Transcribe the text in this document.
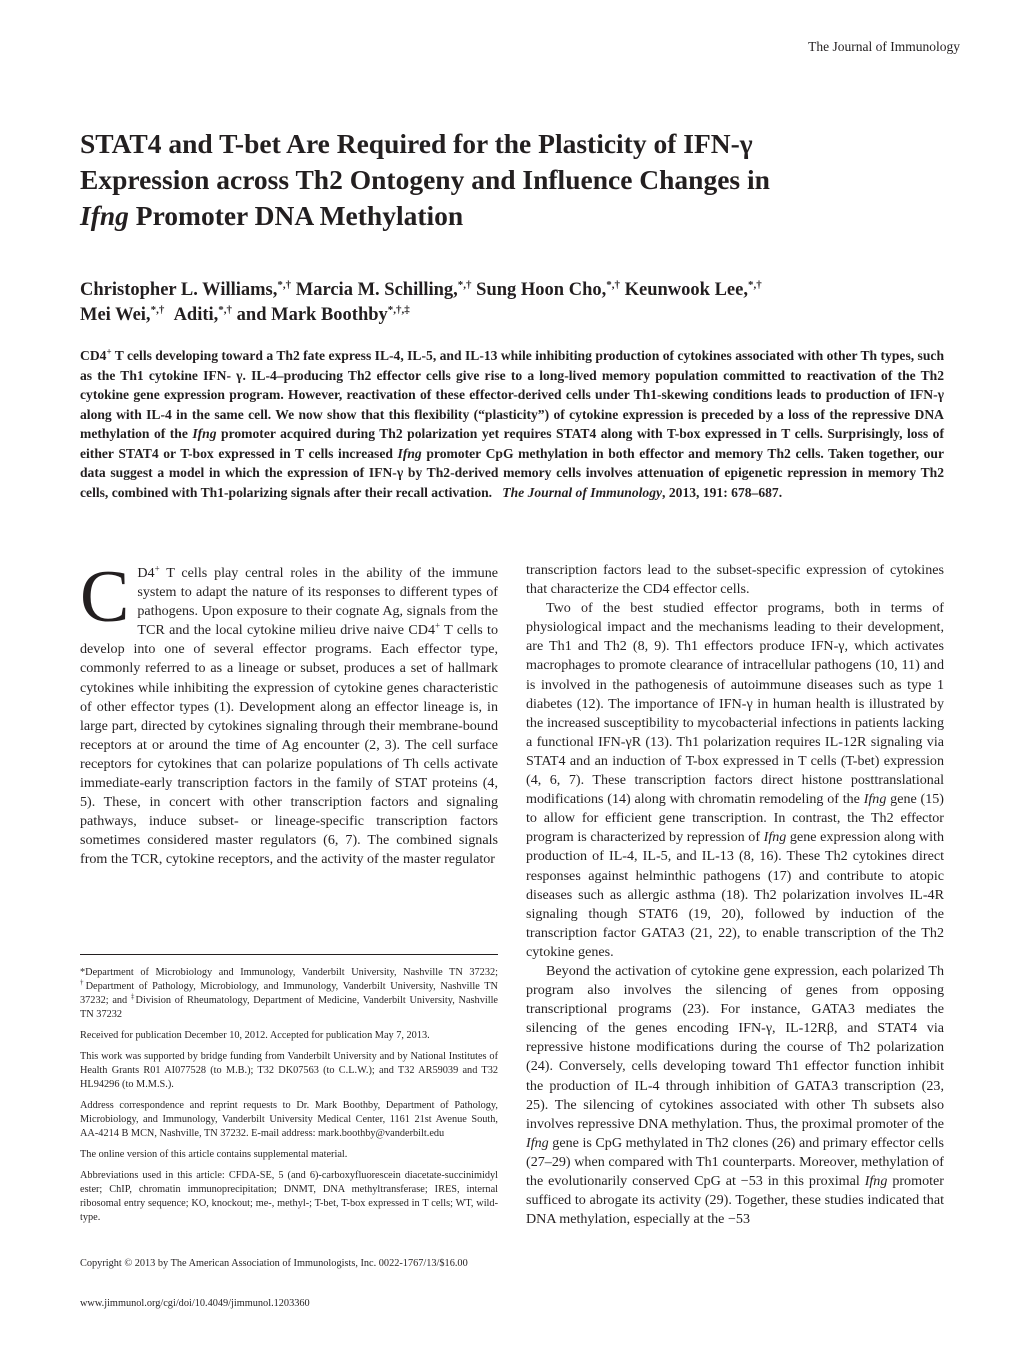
The Journal of Immunology
STAT4 and T-bet Are Required for the Plasticity of IFN-γ
Expression across Th2 Ontogeny and Influence Changes in
Ifng Promoter DNA Methylation
Christopher L. Williams,*,† Marcia M. Schilling,*,† Sung Hoon Cho,*,† Keunwook Lee,*,†
Mei Wei,*,† Aditi,*,† and Mark Boothby*,†,‡

CD4+ T cells developing toward a Th2 fate express IL-4, IL-5, and IL-13 while inhibiting production of cytokines associated with other Th types, such as the Th1 cytokine IFN- γ. IL-4–producing Th2 effector cells give rise to a long-lived memory population committed to reactivation of the Th2 cytokine gene expression program. However, reactivation of these effector-derived cells under Th1-skewing conditions leads to production of IFN-γ along with IL-4 in the same cell. We now show that this flexibility (“plasticity”) of cytokine expression is preceded by a loss of the repressive DNA methylation of the Ifng promoter acquired during Th2 polarization yet requires STAT4 along with T-box expressed in T cells. Surprisingly, loss of either STAT4 or T-box expressed in T cells increased Ifng promoter CpG methylation in both effector and memory Th2 cells. Taken together, our data suggest a model in which the expression of IFN-γ by Th2-derived memory cells involves attenuation of epigenetic repression in memory Th2 cells, combined with Th1-polarizing signals after their recall activation. The Journal of Immunology, 2013, 191: 678–687.

C D4+ T cells play central roles in the ability of the immune system to adapt the nature of its responses to different types of pathogens. Upon exposure to their cognate Ag, signals from the TCR and the local cytokine milieu drive naive CD4+ T cells to develop into one of several effector programs. Each effector type, commonly referred to as a lineage or subset, produces a set of hallmark cytokines while inhibiting the expression of cytokine genes characteristic of other effector types (1). Development along an effector lineage is, in large part, directed by cytokines signaling through their membrane-bound receptors at or around the time of Ag encounter (2, 3). The cell surface receptors for cytokines that can polarize populations of Th cells activate immediate-early transcription factors in the family of STAT proteins (4, 5). These, in concert with other transcription factors and signaling pathways, induce subset- or lineage-specific transcription factors sometimes considered master regulators (6, 7). The combined signals from the TCR, cytokine receptors, and the activity of the master regulator

transcription factors lead to the subset-specific expression of cytokines that characterize the CD4 effector cells.

Two of the best studied effector programs, both in terms of physiological impact and the mechanisms leading to their development, are Th1 and Th2 (8, 9). Th1 effectors produce IFN-γ, which activates macrophages to promote clearance of intracellular pathogens (10, 11) and is involved in the pathogenesis of autoimmune diseases such as type 1 diabetes (12). The importance of IFN-γ in human health is illustrated by the increased susceptibility to mycobacterial infections in patients lacking a functional IFN-γR (13). Th1 polarization requires IL-12R signaling via STAT4 and an induction of T-box expressed in T cells (T-bet) expression (4, 6, 7). These transcription factors direct histone posttranslational modifications (14) along with chromatin remodeling of the Ifng gene (15) to allow for efficient gene transcription. In contrast, the Th2 effector program is characterized by repression of Ifng gene expression along with production of IL-4, IL-5, and IL-13 (8, 16). These Th2 cytokines direct responses against helminthic pathogens (17) and contribute to atopic diseases such as allergic asthma (18). Th2 polarization involves IL-4R signaling though STAT6 (19, 20), followed by induction of the transcription factor GATA3 (21, 22), to enable transcription of the Th2 cytokine genes.

Beyond the activation of cytokine gene expression, each polarized Th program also involves the silencing of genes from opposing transcriptional programs (23). For instance, GATA3 mediates the silencing of the genes encoding IFN-γ, IL-12Rβ, and STAT4 via repressive histone modifications during the course of Th2 polarization (24). Conversely, cells developing toward Th1 effector function inhibit the production of IL-4 through inhibition of GATA3 transcription (23, 25). The silencing of cytokines associated with other Th subsets also involves repressive DNA methylation. Thus, the proximal promoter of the Ifng gene is CpG methylated in Th2 clones (26) and primary effector cells (27–29) when compared with Th1 counterparts. Moreover, methylation of the evolutionarily conserved CpG at −53 in this proximal Ifng promoter sufficed to abrogate its activity (29). Together, these studies indicated that DNA methylation, especially at the −53

*Department of Microbiology and Immunology, Vanderbilt University, Nashville TN 37232; †Department of Pathology, Microbiology, and Immunology, Vanderbilt University, Nashville TN 37232; and ‡Division of Rheumatology, Department of Medicine, Vanderbilt University, Nashville TN 37232

Received for publication December 10, 2012. Accepted for publication May 7, 2013.

This work was supported by bridge funding from Vanderbilt University and by National Institutes of Health Grants R01 AI077528 (to M.B.); T32 DK07563 (to C.L.W.); and T32 AR59039 and T32 HL94296 (to M.M.S.).

Address correspondence and reprint requests to Dr. Mark Boothby, Department of Pathology, Microbiology, and Immunology, Vanderbilt University Medical Center, 1161 21st Avenue South, AA-4214 B MCN, Nashville, TN 37232. E-mail address: mark.boothby@vanderbilt.edu

The online version of this article contains supplemental material.

Abbreviations used in this article: CFDA-SE, 5 (and 6)-carboxyfluorescein diacetate-succinimidyl ester; ChIP, chromatin immunoprecipitation; DNMT, DNA methyltransferase; IRES, internal ribosomal entry sequence; KO, knockout; me-, methyl-; T-bet, T-box expressed in T cells; WT, wild-type.

Copyright © 2013 by The American Association of Immunologists, Inc. 0022-1767/13/$16.00
www.jimmunol.org/cgi/doi/10.4049/jimmunol.1203360
